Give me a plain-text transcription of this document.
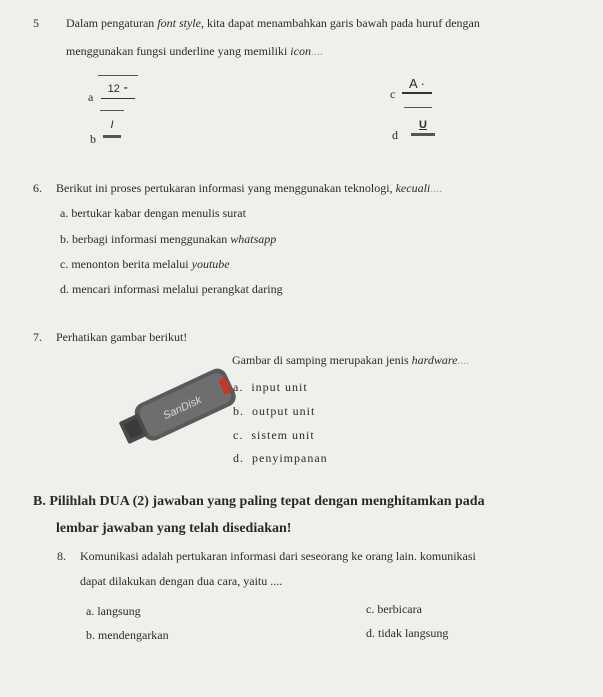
5 Dalam pengaturan font style, kita dapat menambahkan garis bawah pada huruf dengan
menggunakan fungsi underline yang memiliki icon....
a
12 ⁃	c
A ·
b
I
d
U
6. Berikut ini proses pertukaran informasi yang menggunakan teknologi, kecuali....
a. bertukar kabar dengan menulis surat
b. berbagi informasi menggunakan whatsapp
c. menonton berita melalui youtube
d. mencari informasi melalui perangkat daring
7. Perhatikan gambar berikut!
SanDisk
Gambar di samping merupakan jenis hardware....
a. input unit
b. output unit
c. sistem unit
d. penyimpanan
B. Pilihlah DUA (2) jawaban yang paling tepat dengan menghitamkan pada
lembar jawaban yang telah disediakan!
8. Komunikasi adalah pertukaran informasi dari seseorang ke orang lain. komunikasi
dapat dilakukan dengan dua cara, yaitu ....
a. langsung
b. mendengarkan
c. berbicara
d. tidak langsung
